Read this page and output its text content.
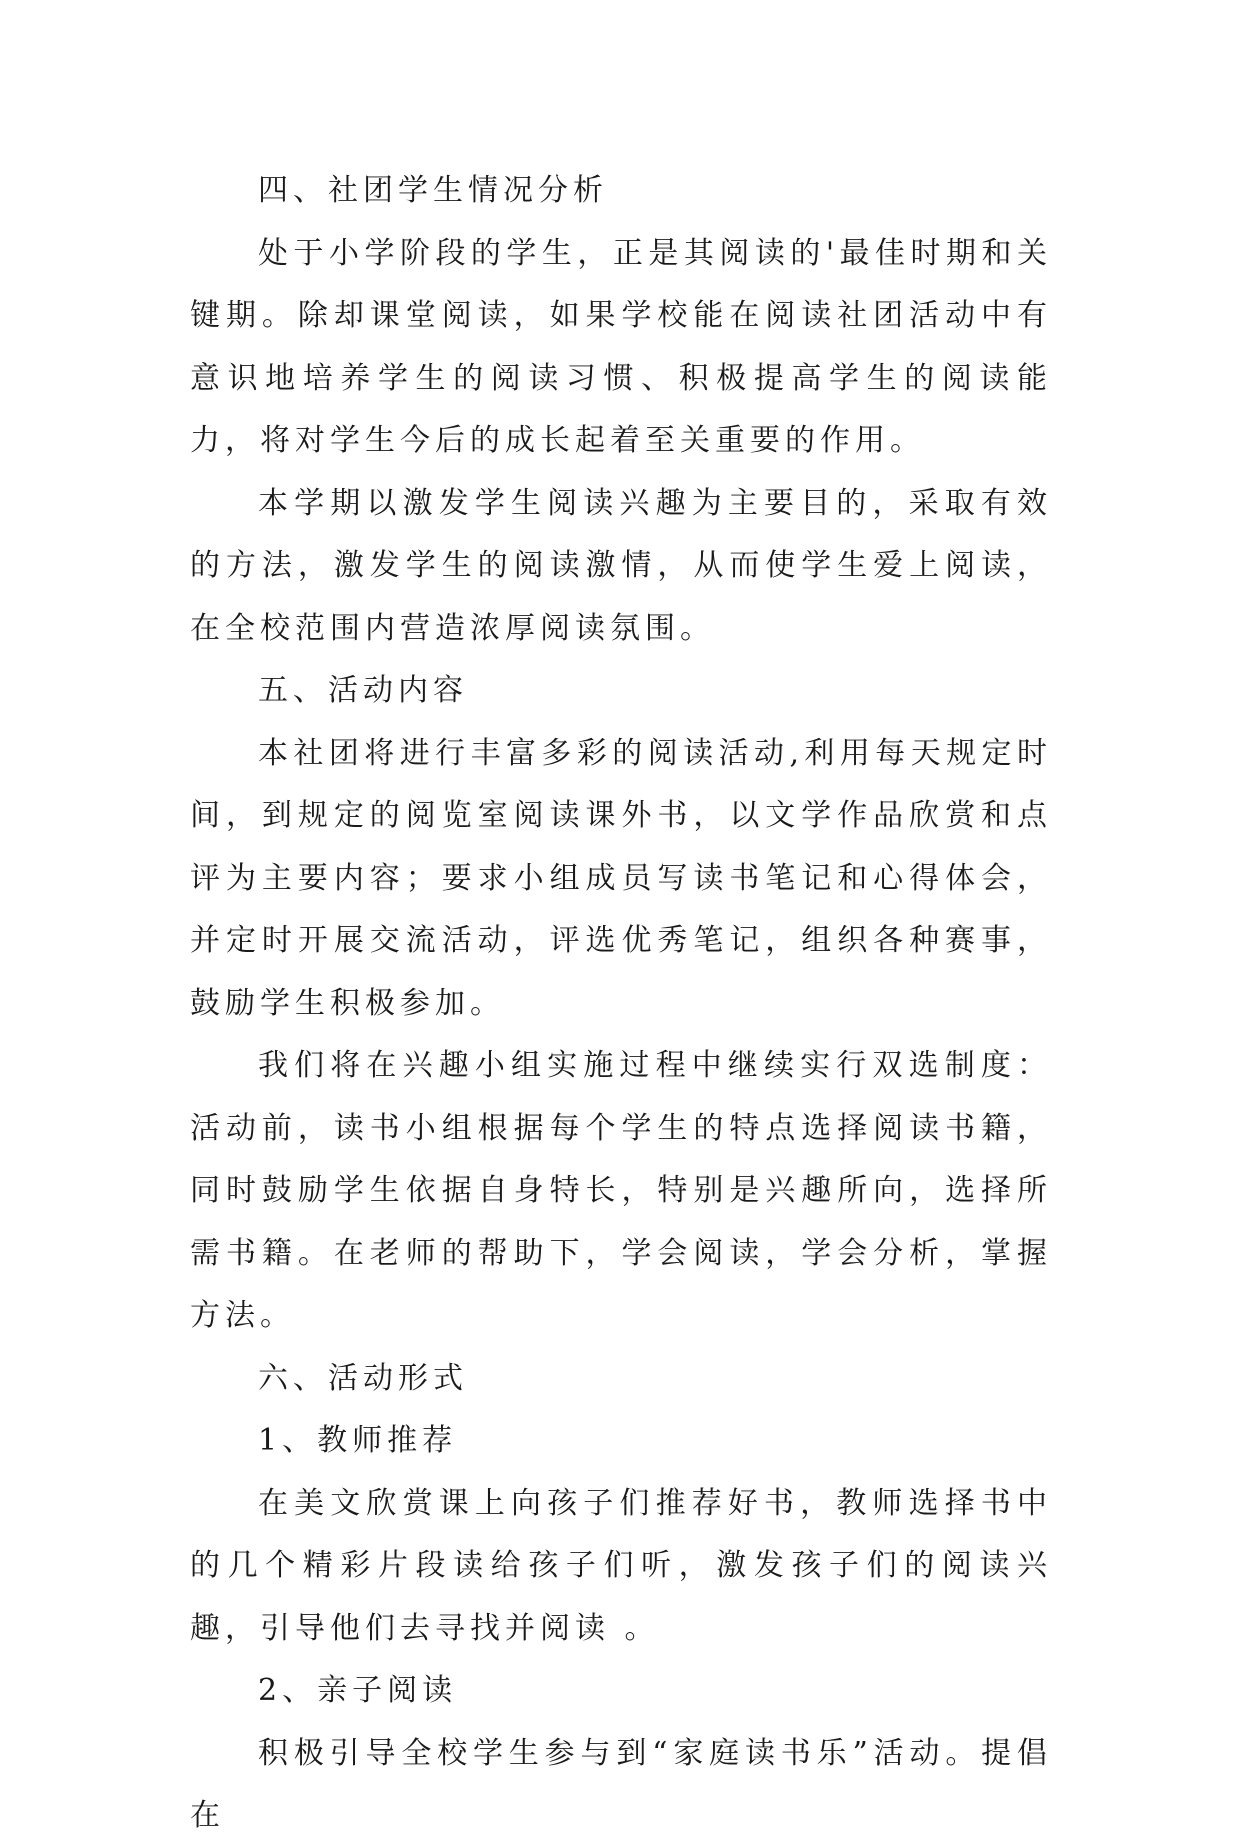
四、社团学生情况分析

处于小学阶段的学生，正是其阅读的'最佳时期和关键期。除却课堂阅读，如果学校能在阅读社团活动中有意识地培养学生的阅读习惯、积极提高学生的阅读能力，将对学生今后的成长起着至关重要的作用。

本学期以激发学生阅读兴趣为主要目的，采取有效的方法，激发学生的阅读激情，从而使学生爱上阅读，在全校范围内营造浓厚阅读氛围。

五、活动内容

本社团将进行丰富多彩的阅读活动,利用每天规定时间，到规定的阅览室阅读课外书，以文学作品欣赏和点评为主要内容；要求小组成员写读书笔记和心得体会，并定时开展交流活动，评选优秀笔记，组织各种赛事，鼓励学生积极参加。

我们将在兴趣小组实施过程中继续实行双选制度：活动前，读书小组根据每个学生的特点选择阅读书籍，同时鼓励学生依据自身特长，特别是兴趣所向，选择所需书籍。在老师的帮助下，学会阅读，学会分析，掌握方法。

六、活动形式

1、教师推荐

在美文欣赏课上向孩子们推荐好书，教师选择书中的几个精彩片段读给孩子们听，激发孩子们的阅读兴趣，引导他们去寻找并阅读 。

2、亲子阅读

积极引导全校学生参与到“家庭读书乐”活动。提倡在
